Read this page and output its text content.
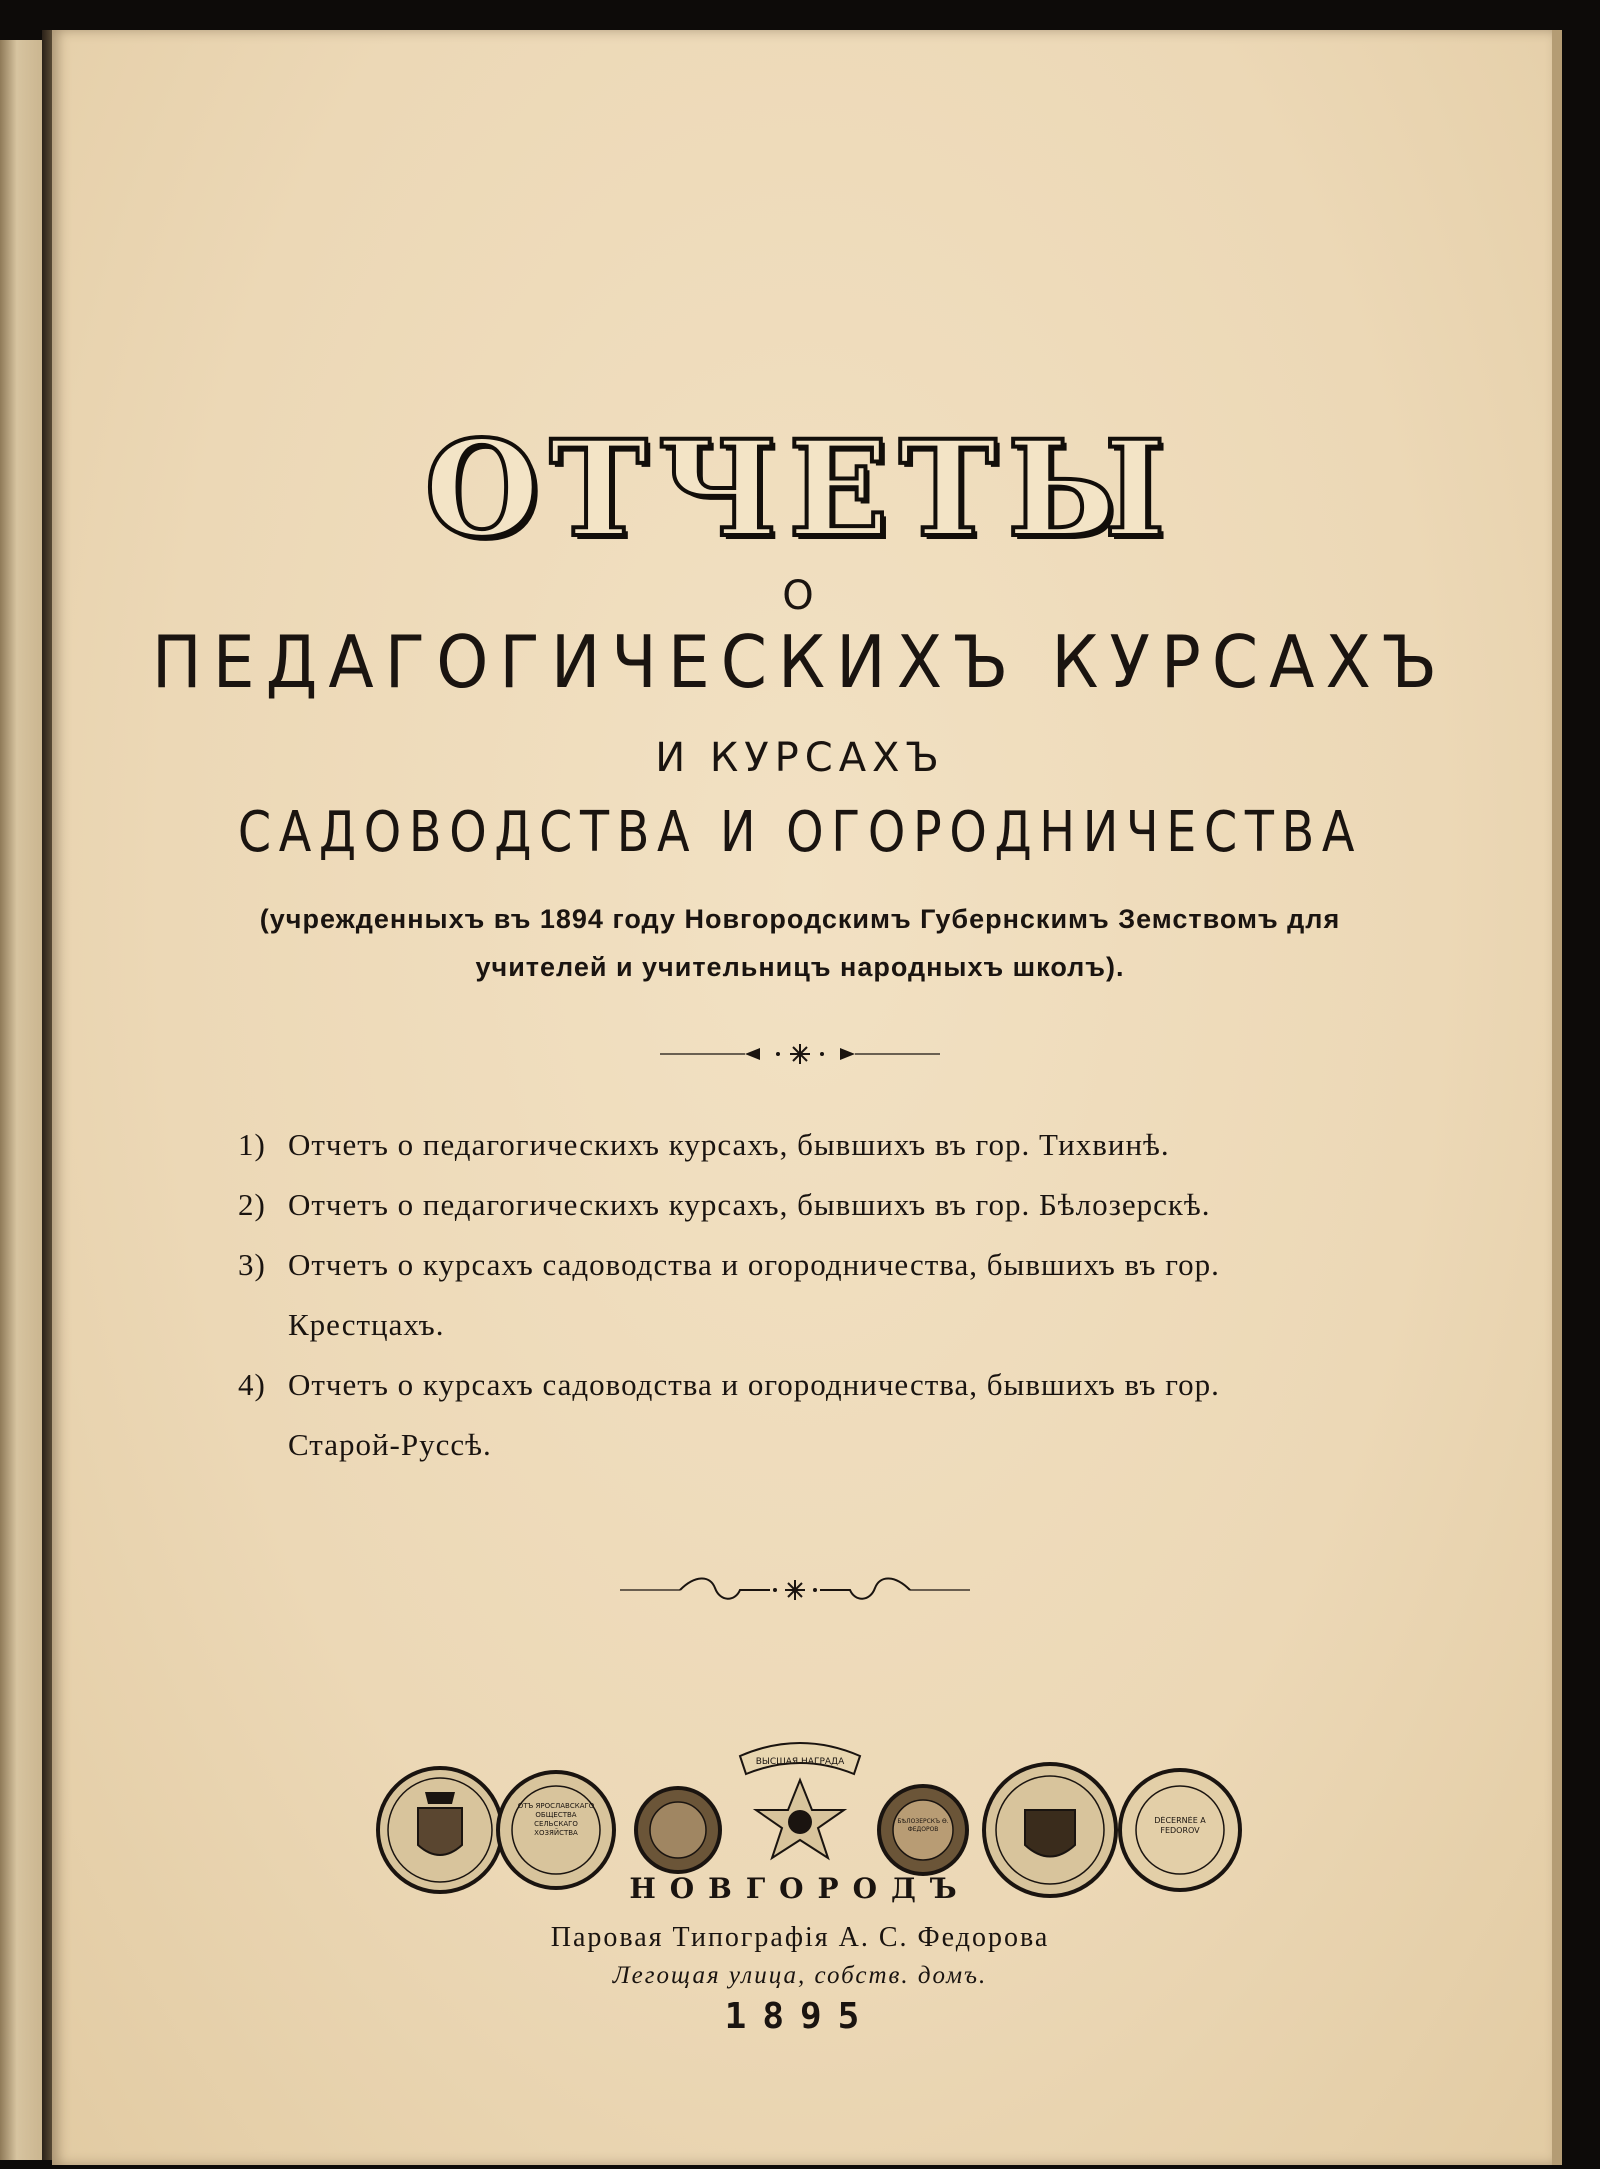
ОТЧЕТЫ
О
ПЕДАГОГИЧЕСКИХЪ КУРСАХЪ
И КУРСАХЪ
САДОВОДСТВА И ОГОРОДНИЧЕСТВА
(учрежденныхъ въ 1894 году Новгородскимъ Губернскимъ Земствомъ для
учителей и учительницъ народныхъ школъ).
1) Отчетъ о педагогическихъ курсахъ, бывшихъ въ гор. Тихвинѣ.
2) Отчетъ о педагогическихъ курсахъ, бывшихъ въ гор. Бѣлозерскѣ.
3) Отчетъ о курсахъ садоводства и огородничества, бывшихъ въ гор.
Крестцахъ.
4) Отчетъ о курсахъ садоводства и огородничества, бывшихъ въ гор.
Старой-Руссѣ.
ОТЪ ЯРОСЛАВСКАГО ОБЩЕСТВА СЕЛЬСКАГО ХОЗЯЙСТВА
ВЫСШАЯ НАГРАДА
БѢЛОЗЕРСКЪ Ѳ. ФЕДОРОВ
DÉCERNÉE A FEDOROV
НОВГОРОДЪ
Паровая Типографія А. С. Федорова
Легощая улица, собств. домъ.
1895
